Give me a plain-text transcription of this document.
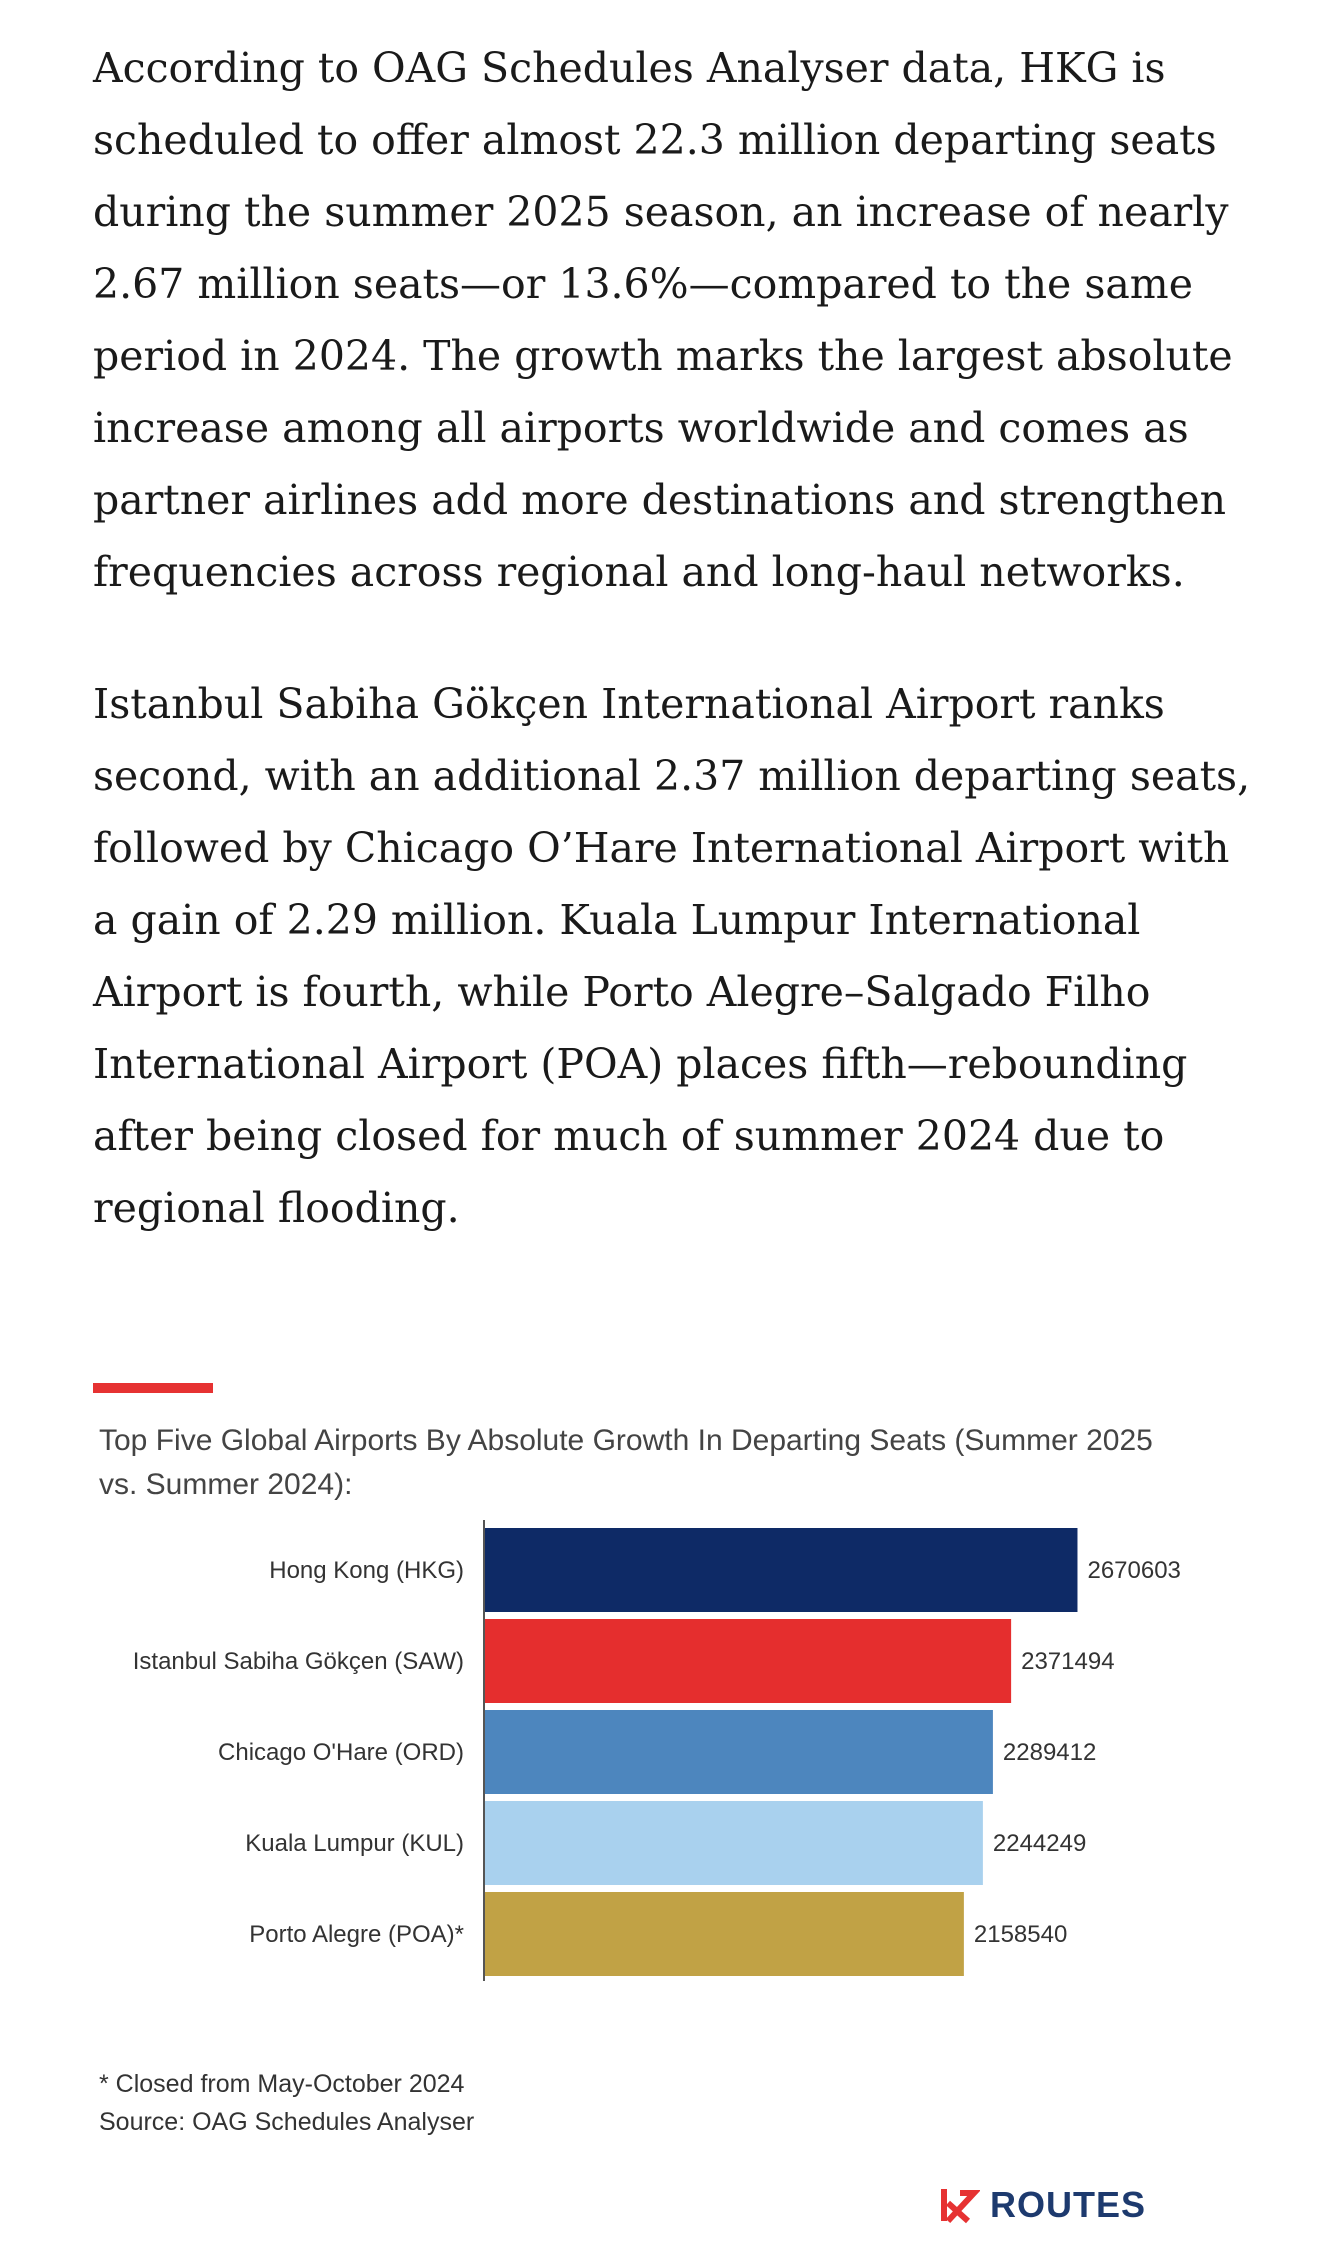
According to OAG Schedules Analyser data, HKG is scheduled to offer almost 22.3 million departing seats during the summer 2025 season, an increase of nearly 2.67 million seats—or 13.6%—compared to the same period in 2024. The growth marks the largest absolute increase among all airports worldwide and comes as partner airlines add more destinations and strengthen frequencies across regional and long-haul networks.

Istanbul Sabiha Gökçen International Airport ranks second, with an additional 2.37 million departing seats, followed by Chicago O’Hare International Airport with a gain of 2.29 million. Kuala Lumpur International Airport is fourth, while Porto Alegre–Salgado Filho International Airport (POA) places fifth—rebounding after being closed for much of summer 2024 due to regional flooding.

Top Five Global Airports By Absolute Growth In Departing Seats (Summer 2025 vs. Summer 2024):
Hong Kong (HKG)	2670603
Istanbul Sabiha Gökçen (SAW)	2371494
Chicago O'Hare (ORD)	2289412
Kuala Lumpur (KUL)	2244249
Porto Alegre (POA)*	2158540
* Closed from May-October 2024
Source: OAG Schedules Analyser
ROUTES
